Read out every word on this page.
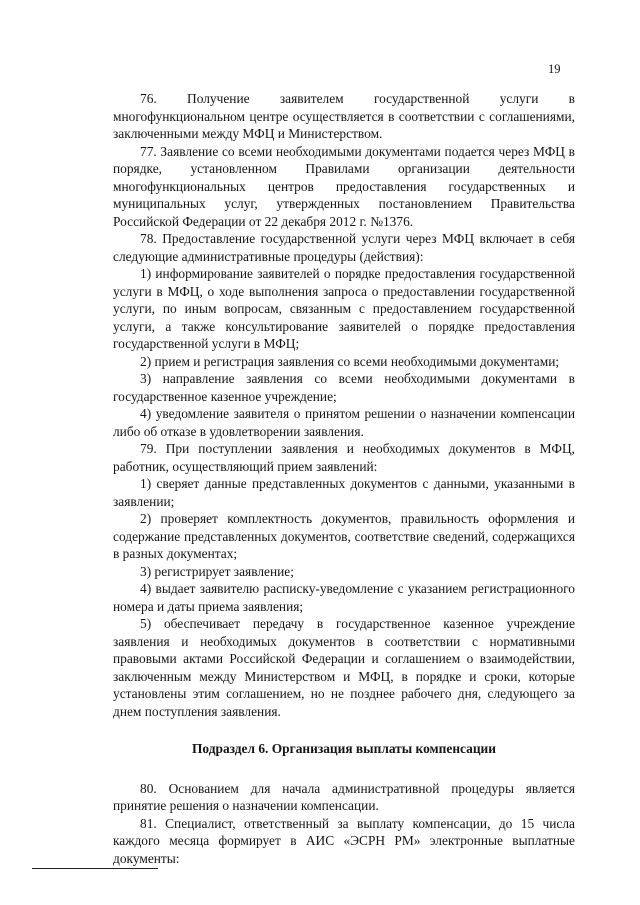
19

76. Получение заявителем государственной услуги в многофункциональном центре осуществляется в соответствии с соглашениями, заключенными между МФЦ и Министерством.

77. Заявление со всеми необходимыми документами подается через МФЦ в порядке, установленном Правилами организации деятельности многофункциональных центров предоставления государственных и муниципальных услуг, утвержденных постановлением Правительства Российской Федерации от 22 декабря 2012 г. №1376.

78. Предоставление государственной услуги через МФЦ включает в себя следующие административные процедуры (действия):

1) информирование заявителей о порядке предоставления государственной услуги в МФЦ, о ходе выполнения запроса о предоставлении государственной услуги, по иным вопросам, связанным с предоставлением государственной услуги, а также консультирование заявителей о порядке предоставления государственной услуги в МФЦ;

2) прием и регистрация заявления со всеми необходимыми документами;

3) направление заявления со всеми необходимыми документами в государственное казенное учреждение;

4) уведомление заявителя о принятом решении о назначении компенсации либо об отказе в удовлетворении заявления.

79. При поступлении заявления и необходимых документов в МФЦ, работник, осуществляющий прием заявлений:

1) сверяет данные представленных документов с данными, указанными в заявлении;

2) проверяет комплектность документов, правильность оформления и содержание представленных документов, соответствие сведений, содержащихся в разных документах;

3) регистрирует заявление;

4) выдает заявителю расписку-уведомление с указанием регистрационного номера и даты приема заявления;

5) обеспечивает передачу в государственное казенное учреждение заявления и необходимых документов в соответствии с нормативными правовыми актами Российской Федерации и соглашением о взаимодействии, заключенным между Министерством и МФЦ, в порядке и сроки, которые установлены этим соглашением, но не позднее рабочего дня, следующего за днем поступления заявления.

Подраздел 6. Организация выплаты компенсации

80. Основанием для начала административной процедуры является принятие решения о назначении компенсации.

81. Специалист, ответственный за выплату компенсации, до 15 числа каждого месяца формирует в АИС «ЭСРН РМ» электронные выплатные документы:
